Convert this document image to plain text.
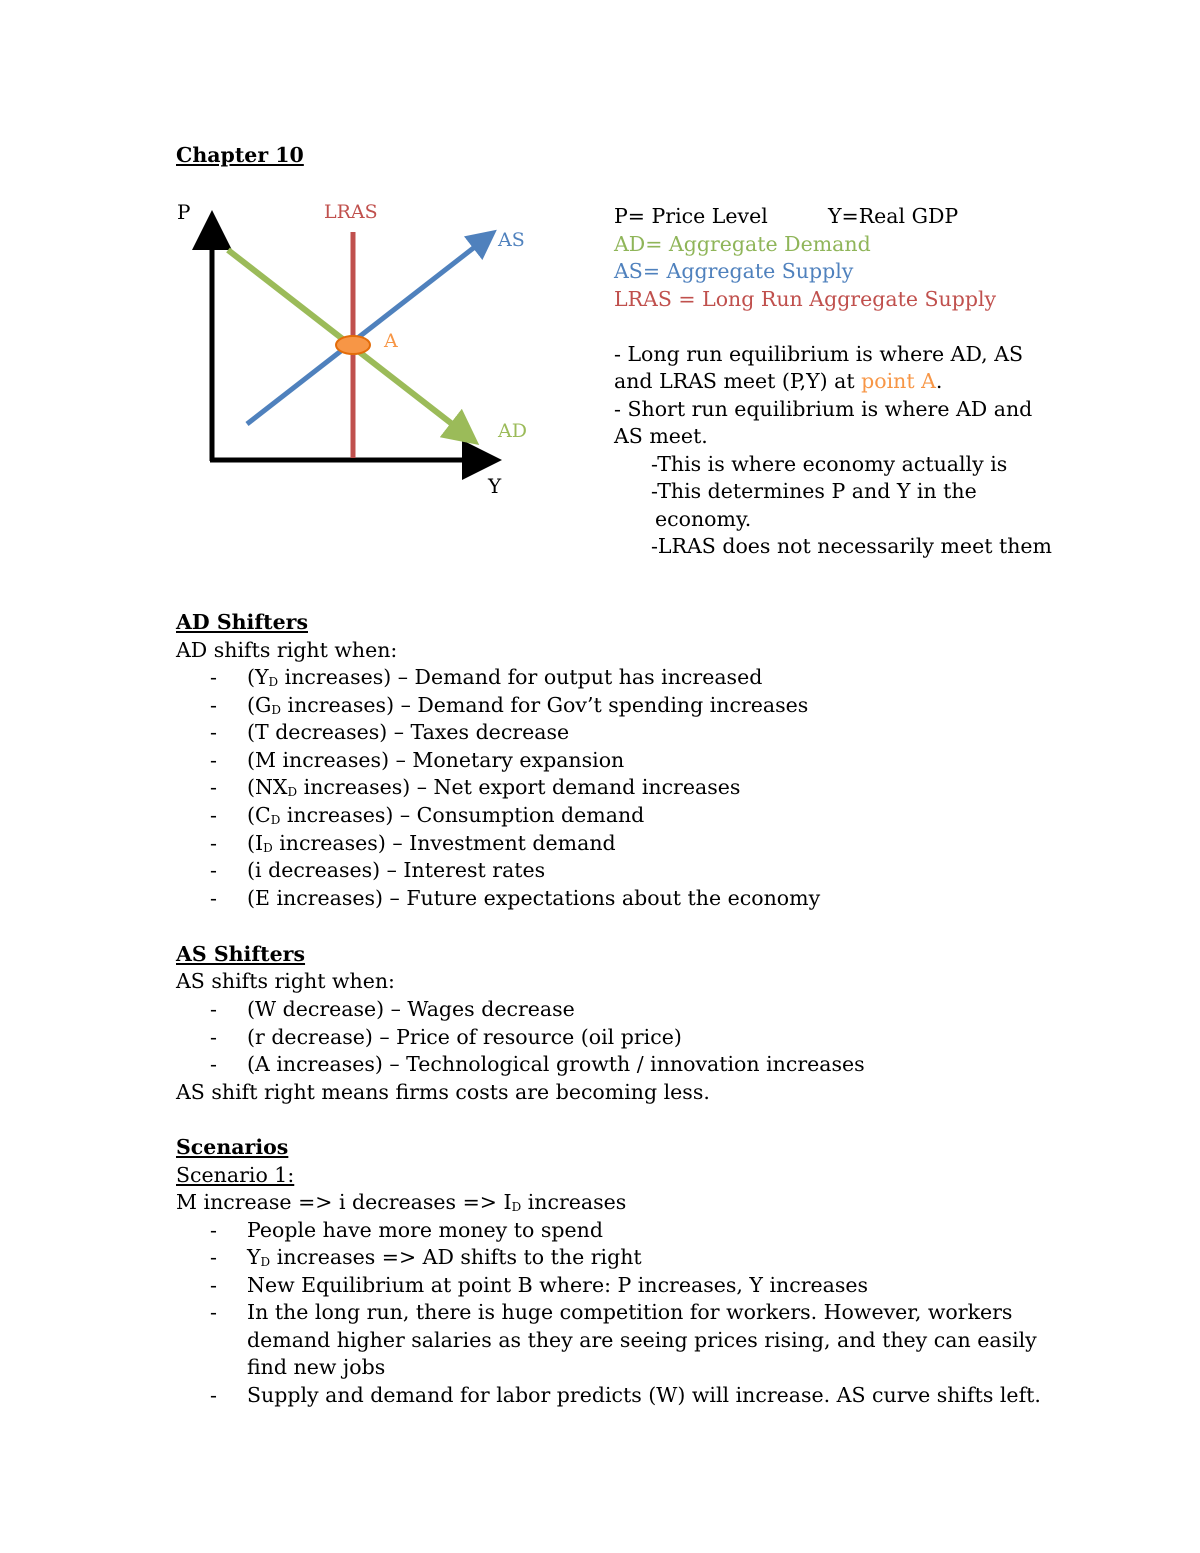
Chapter 10
P
Y
LRAS
AS
AD
A
P= Price Level	Y=Real GDP
AD= Aggregate Demand
AS= Aggregate Supply
LRAS = Long Run Aggregate Supply
- Long run equilibrium is where AD, AS
and LRAS meet (P,Y) at point A.
- Short run equilibrium is where AD and
AS meet.
-This is where economy actually is
-This determines P and Y in the
economy.
-LRAS does not necessarily meet them
AD Shifters
AD shifts right when:
- ($Y_D$ increases) – Demand for output has increased
- ($G_D$ increases) – Demand for Gov’t spending increases
- (T decreases) – Taxes decrease
- (M increases) – Monetary expansion
- ($NX_D$ increases) – Net export demand increases
- ($C_D$ increases) – Consumption demand
- ($I_D$ increases) – Investment demand
- (i decreases) – Interest rates
- (E increases) – Future expectations about the economy
AS Shifters
AS shifts right when:
- (W decrease) – Wages decrease
- (r decrease) – Price of resource (oil price)
- (A increases) – Technological growth / innovation increases
AS shift right means firms costs are becoming less.
Scenarios
Scenario 1:
M increase => i decreases => $I_D$ increases
- People have more money to spend
- $Y_D$ increases => AD shifts to the right
- New Equilibrium at point B where: P increases, Y increases
- In the long run, there is huge competition for workers. However, workers
demand higher salaries as they are seeing prices rising, and they can easily
find new jobs
- Supply and demand for labor predicts (W) will increase. AS curve shifts left.
